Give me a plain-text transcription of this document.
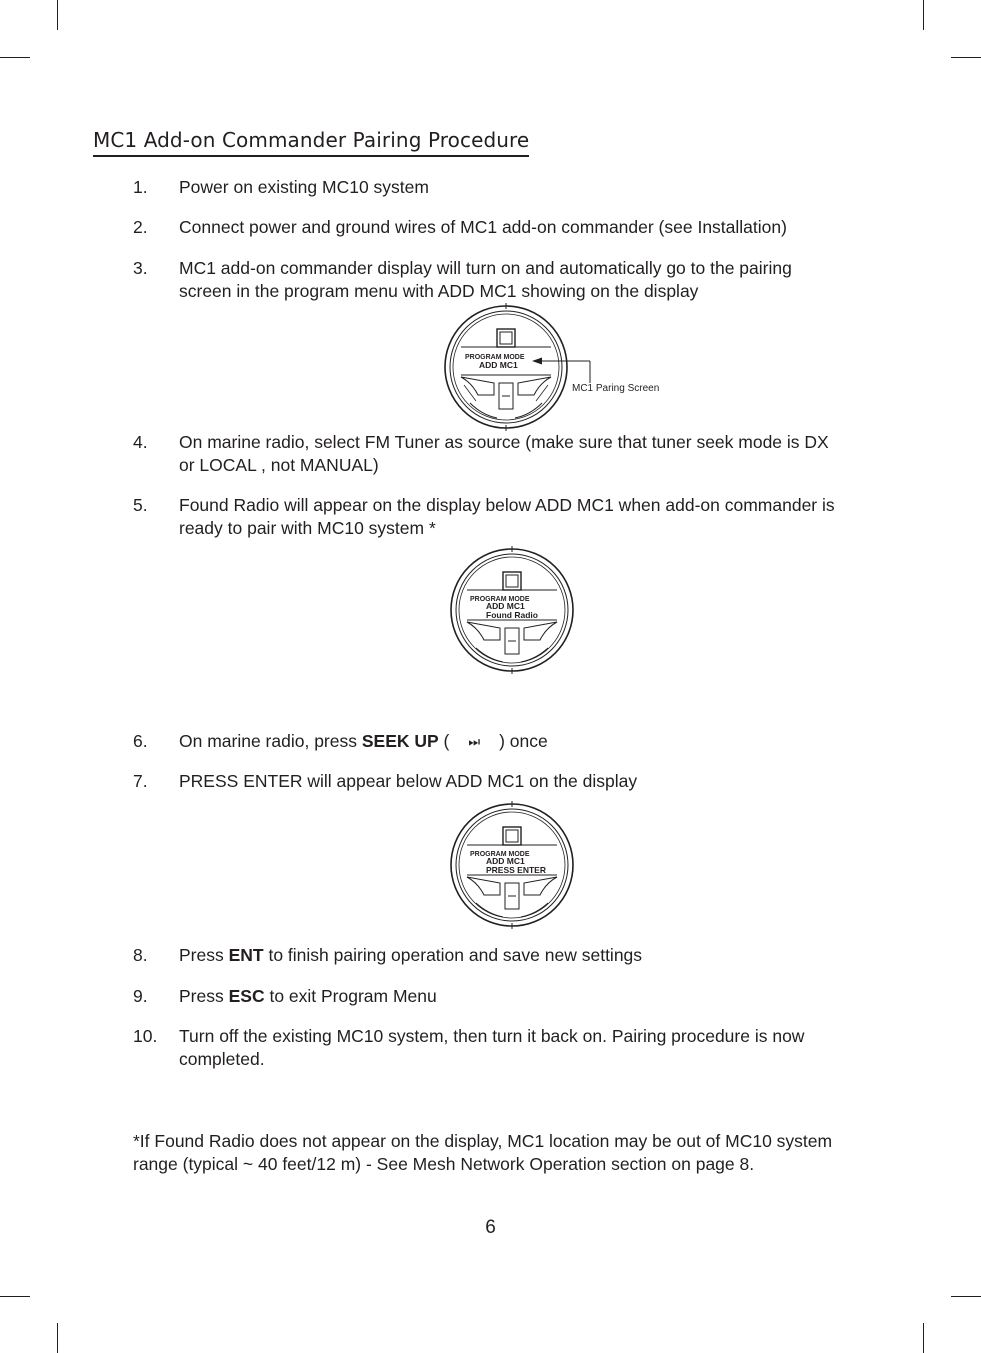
MC1 Add-on Commander Pairing Procedure
1. Power on existing MC10 system
2. Connect power and ground wires of MC1 add-on commander (see Installation)
3. MC1 add-on commander display will turn on and automatically go to the pairing
screen in the program menu with ADD MC1 showing on the display
PROGRAM MODE
ADD MC1
MC1 Paring Screen
4. On marine radio, select FM Tuner as source (make sure that tuner seek mode is DX
or LOCAL , not MANUAL)
5. Found Radio will appear on the display below ADD MC1 when add-on commander is
ready to pair with MC10 system *
PROGRAM MODE
ADD MC1
Found Radio
6. On marine radio, press SEEK UP ( ⏭ ) once
7. PRESS ENTER will appear below ADD MC1 on the display
PROGRAM MODE
ADD MC1
PRESS ENTER
8. Press ENT to finish pairing operation and save new settings
9. Press ESC to exit Program Menu
10. Turn off the existing MC10 system, then turn it back on. Pairing procedure is now
completed.
*If Found Radio does not appear on the display, MC1 location may be out of MC10 system
range (typical ~ 40 feet/12 m) - See Mesh Network Operation section on page 8.
6
